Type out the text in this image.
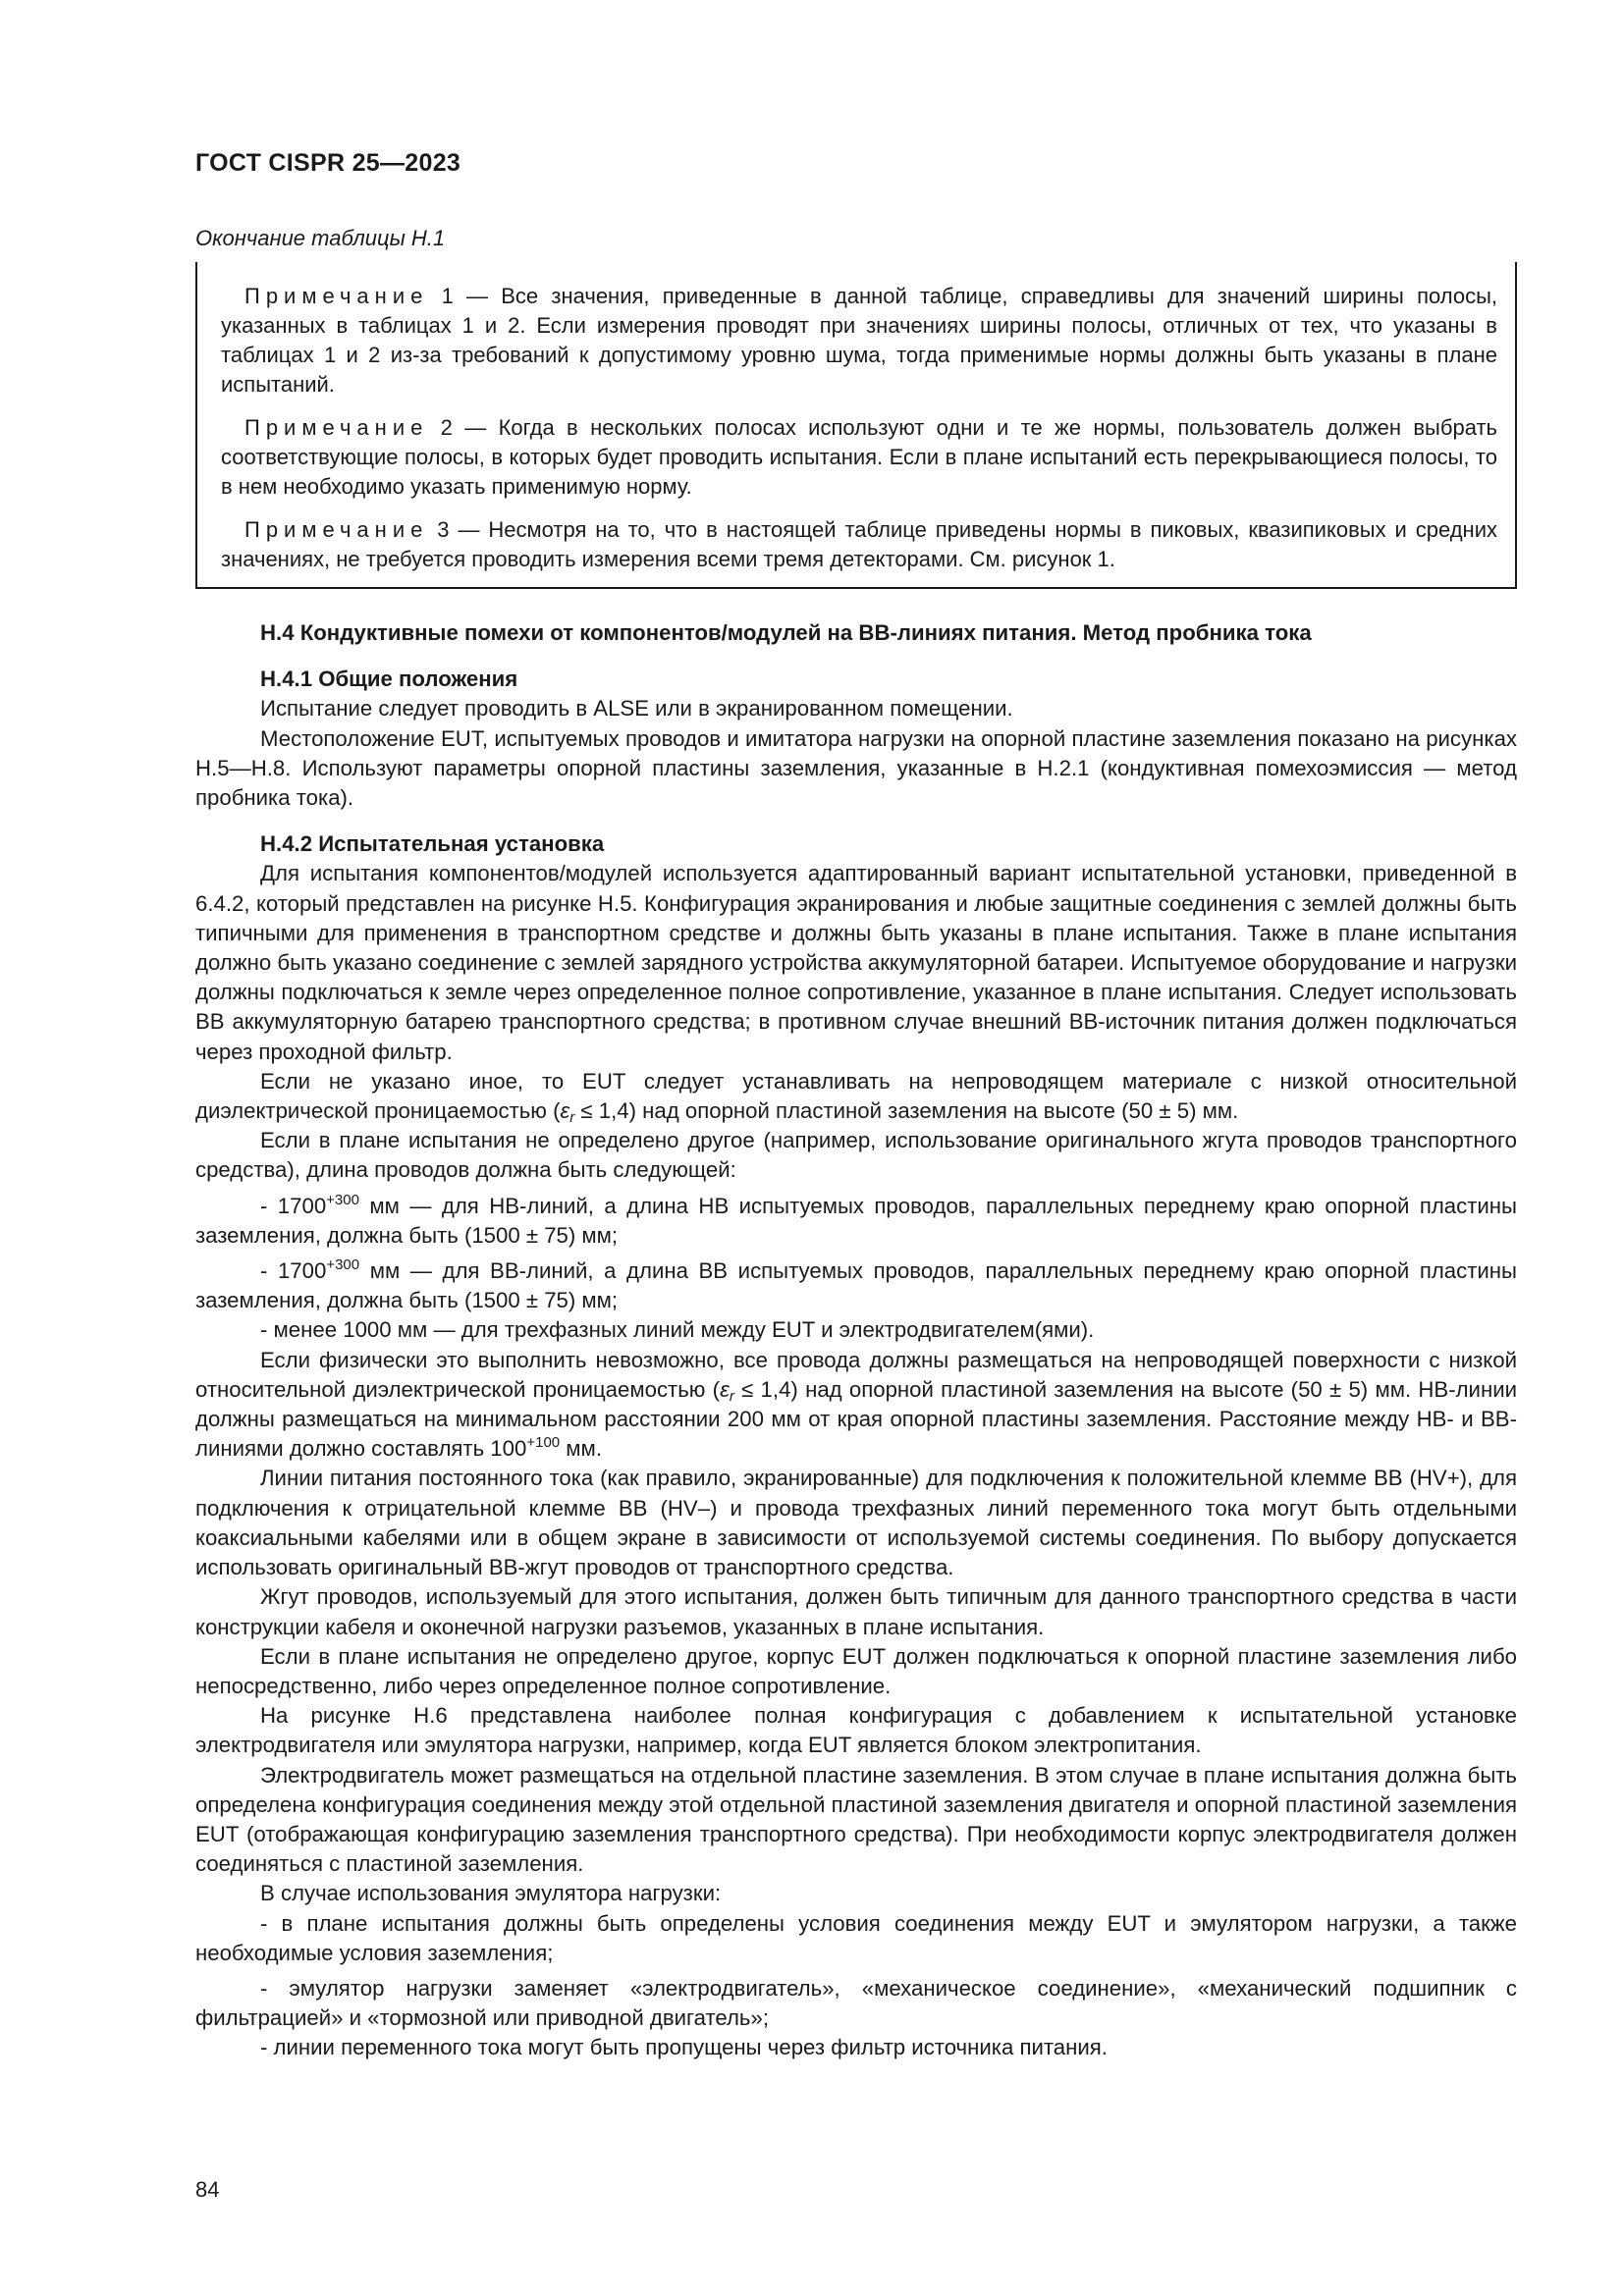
ГОСТ CISPR 25—2023
Окончание таблицы Н.1

Примечание 1 — Все значения, приведенные в данной таблице, справедливы для значений ширины полосы, указанных в таблицах 1 и 2. Если измерения проводят при значениях ширины полосы, отличных от тех, что указаны в таблицах 1 и 2 из-за требований к допустимому уровню шума, тогда применимые нормы должны быть указаны в плане испытаний.

Примечание 2 — Когда в нескольких полосах используют одни и те же нормы, пользователь должен выбрать соответствующие полосы, в которых будет проводить испытания. Если в плане испытаний есть перекрывающиеся полосы, то в нем необходимо указать применимую норму.

Примечание 3 — Несмотря на то, что в настоящей таблице приведены нормы в пиковых, квазипиковых и средних значениях, не требуется проводить измерения всеми тремя детекторами. См. рисунок 1.

Н.4 Кондуктивные помехи от компонентов/модулей на ВВ-линиях питания. Метод пробника тока

Н.4.1 Общие положения

Испытание следует проводить в ALSE или в экранированном помещении.

Местоположение EUT, испытуемых проводов и имитатора нагрузки на опорной пластине заземления показано на рисунках Н.5—Н.8. Используют параметры опорной пластины заземления, указанные в Н.2.1 (кондуктивная помехоэмиссия — метод пробника тока).

Н.4.2 Испытательная установка

Для испытания компонентов/модулей используется адаптированный вариант испытательной установки, приведенной в 6.4.2, который представлен на рисунке Н.5. Конфигурация экранирования и любые защитные соединения с землей должны быть типичными для применения в транспортном средстве и должны быть указаны в плане испытания. Также в плане испытания должно быть указано соединение с землей зарядного устройства аккумуляторной батареи. Испытуемое оборудование и нагрузки должны подключаться к земле через определенное полное сопротивление, указанное в плане испытания. Следует использовать ВВ аккумуляторную батарею транспортного средства; в противном случае внешний ВВ-источник питания должен подключаться через проходной фильтр.

Если не указано иное, то EUT следует устанавливать на непроводящем материале с низкой относительной диэлектрической проницаемостью $(\varepsilon_r \le 1,4)$ над опорной пластиной заземления на высоте (50 ± 5) мм.

Если в плане испытания не определено другое (например, использование оригинального жгута проводов транспортного средства), длина проводов должна быть следующей:

- $1700^{+300}$ мм — для НВ-линий, а длина НВ испытуемых проводов, параллельных переднему краю опорной пластины заземления, должна быть (1500 ± 75) мм;

- $1700^{+300}$ мм — для ВВ-линий, а длина ВВ испытуемых проводов, параллельных переднему краю опорной пластины заземления, должна быть (1500 ± 75) мм;

- менее 1000 мм — для трехфазных линий между EUT и электродвигателем(ями).

Если физически это выполнить невозможно, все провода должны размещаться на непроводящей поверхности с низкой относительной диэлектрической проницаемостью $(\varepsilon_r \le 1,4)$ над опорной пластиной заземления на высоте (50 ± 5) мм. НВ-линии должны размещаться на минимальном расстоянии 200 мм от края опорной пластины заземления. Расстояние между НВ- и ВВ-линиями должно составлять $100^{+100}$ мм.

Линии питания постоянного тока (как правило, экранированные) для подключения к положительной клемме ВВ (HV+), для подключения к отрицательной клемме ВВ (HV–) и провода трехфазных линий переменного тока могут быть отдельными коаксиальными кабелями или в общем экране в зависимости от используемой системы соединения. По выбору допускается использовать оригинальный ВВ-жгут проводов от транспортного средства.

Жгут проводов, используемый для этого испытания, должен быть типичным для данного транспортного средства в части конструкции кабеля и оконечной нагрузки разъемов, указанных в плане испытания.

Если в плане испытания не определено другое, корпус EUT должен подключаться к опорной пластине заземления либо непосредственно, либо через определенное полное сопротивление.

На рисунке Н.6 представлена наиболее полная конфигурация с добавлением к испытательной установке электродвигателя или эмулятора нагрузки, например, когда EUT является блоком электропитания.

Электродвигатель может размещаться на отдельной пластине заземления. В этом случае в плане испытания должна быть определена конфигурация соединения между этой отдельной пластиной заземления двигателя и опорной пластиной заземления EUT (отображающая конфигурацию заземления транспортного средства). При необходимости корпус электродвигателя должен соединяться с пластиной заземления.

В случае использования эмулятора нагрузки:

- в плане испытания должны быть определены условия соединения между EUT и эмулятором нагрузки, а также необходимые условия заземления;

- эмулятор нагрузки заменяет «электродвигатель», «механическое соединение», «механический подшипник с фильтрацией» и «тормозной или приводной двигатель»;

- линии переменного тока могут быть пропущены через фильтр источника питания.

84
